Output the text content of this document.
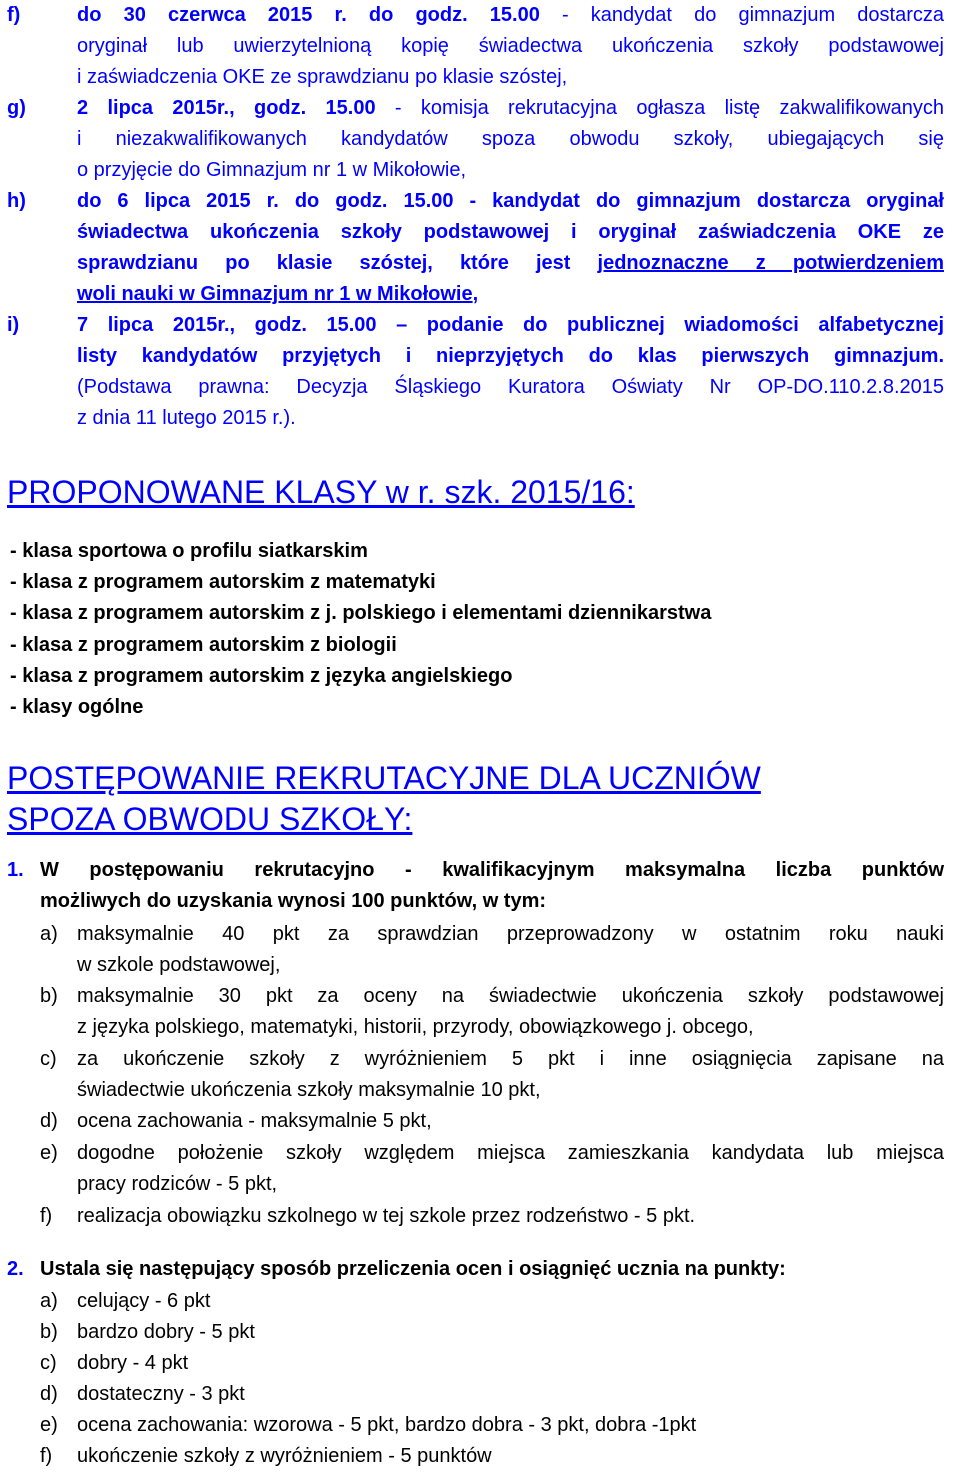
f)	do 30 czerwca 2015 r. do godz. 15.00 - kandydat do gimnazjum dostarcza
oryginał lub uwierzytelnioną kopię świadectwa ukończenia szkoły podstawowej
i zaświadczenia OKE ze sprawdzianu po klasie szóstej,
g)	2 lipca 2015r., godz. 15.00 - komisja rekrutacyjna ogłasza listę zakwalifikowanych
i niezakwalifikowanych kandydatów spoza obwodu szkoły, ubiegających się
o przyjęcie do Gimnazjum nr 1 w Mikołowie,
h)	do 6 lipca 2015 r. do godz. 15.00 - kandydat do gimnazjum dostarcza oryginał
świadectwa ukończenia szkoły podstawowej i oryginał zaświadczenia OKE ze
sprawdzianu po klasie szóstej, które jest jednoznaczne z potwierdzeniem
woli nauki w Gimnazjum nr 1 w Mikołowie,
i)	7 lipca 2015r., godz. 15.00 – podanie do publicznej wiadomości alfabetycznej
listy kandydatów przyjętych i nieprzyjętych do klas pierwszych gimnazjum.
(Podstawa prawna: Decyzja Śląskiego Kuratora Oświaty Nr OP-DO.110.2.8.2015
z dnia 11 lutego 2015 r.).
PROPONOWANE KLASY w r. szk. 2015/16:
- klasa sportowa o profilu siatkarskim
- klasa z programem autorskim z matematyki
- klasa z programem autorskim z j. polskiego i elementami dziennikarstwa
- klasa z programem autorskim z biologii
- klasa z programem autorskim z języka angielskiego
- klasy ogólne
POSTĘPOWANIE REKRUTACYJNE DLA UCZNIÓW
SPOZA OBWODU SZKOŁY:
1. W postępowaniu rekrutacyjno - kwalifikacyjnym maksymalna liczba punktów
możliwych do uzyskania wynosi 100 punktów, w tym:
a) maksymalnie 40 pkt za sprawdzian przeprowadzony w ostatnim roku nauki
w szkole podstawowej,
b) maksymalnie 30 pkt za oceny na świadectwie ukończenia szkoły podstawowej
z języka polskiego, matematyki, historii, przyrody, obowiązkowego j. obcego,
c)	za ukończenie szkoły z wyróżnieniem 5 pkt i inne osiągnięcia zapisane na
świadectwie ukończenia szkoły maksymalnie 10 pkt,
d) ocena zachowania - maksymalnie 5 pkt,
e) dogodne położenie szkoły względem miejsca zamieszkania kandydata lub miejsca
pracy rodziców - 5 pkt,
f)	realizacja obowiązku szkolnego w tej szkole przez rodzeństwo - 5 pkt.
2. Ustala się następujący sposób przeliczenia ocen i osiągnięć ucznia na punkty:
a) celujący - 6 pkt
b) bardzo dobry - 5 pkt
c)	dobry - 4 pkt
d) dostateczny - 3 pkt
e) ocena zachowania: wzorowa - 5 pkt, bardzo dobra - 3 pkt, dobra -1pkt
f)	ukończenie szkoły z wyróżnieniem - 5 punktów
